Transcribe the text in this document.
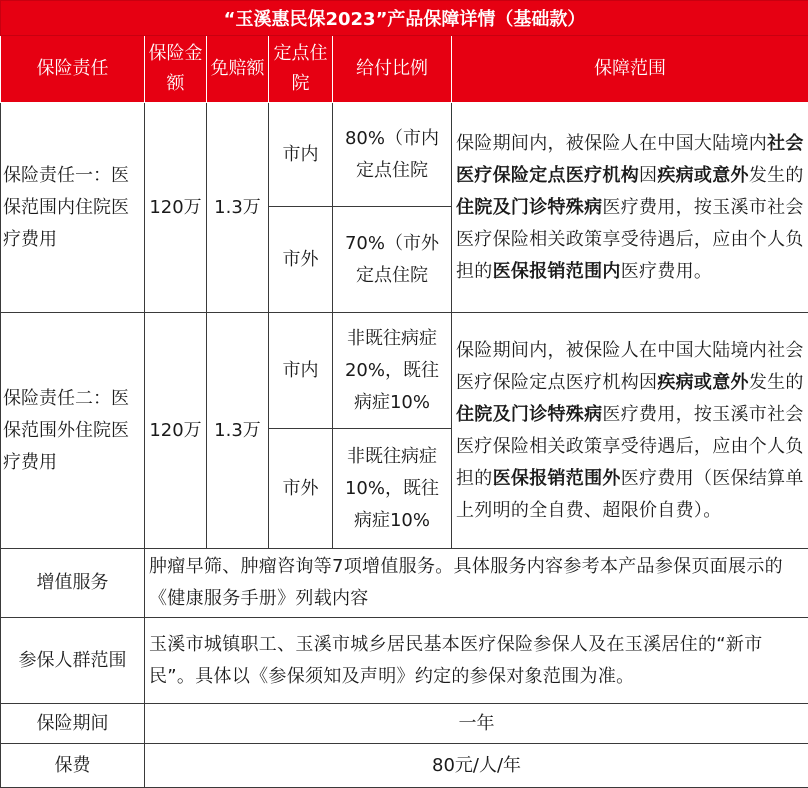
“玉溪惠民保2023”产品保障详情（基础款）					
保险责任	保险金额	免赔额	定点住院	给付比例	保障范围
保险责任一：医保范围内住院医疗费用	120万	1.3万	市内	80%（市内定点住院	保险期间内，被保险人在中国大陆境内社会医疗保险定点医疗机构因疾病或意外发生的住院及门诊特殊病医疗费用，按玉溪市社会医疗保险相关政策享受待遇后，应由个人负担的医保报销范围内医疗费用。
			市外	70%（市外定点住院	
保险责任二：医保范围外住院医疗费用	120万	1.3万	市内	非既往病症20%，既往病症10%	保险期间内，被保险人在中国大陆境内社会医疗保险定点医疗机构因疾病或意外发生的住院及门诊特殊病医疗费用，按玉溪市社会医疗保险相关政策享受待遇后，应由个人负担的医保报销范围外医疗费用（医保结算单上列明的全自费、超限价自费）。
			市外	非既往病症10%，既往病症10%	
增值服务	肿瘤早筛、肿瘤咨询等7项增值服务。具体服务内容参考本产品参保页面展示的《健康服务手册》列载内容				
参保人群范围	玉溪市城镇职工、玉溪市城乡居民基本医疗保险参保人及在玉溪居住的“新市民”。具体以《参保须知及声明》约定的参保对象范围为准。				
保险期间	一年				
保费	80元/人/年				
